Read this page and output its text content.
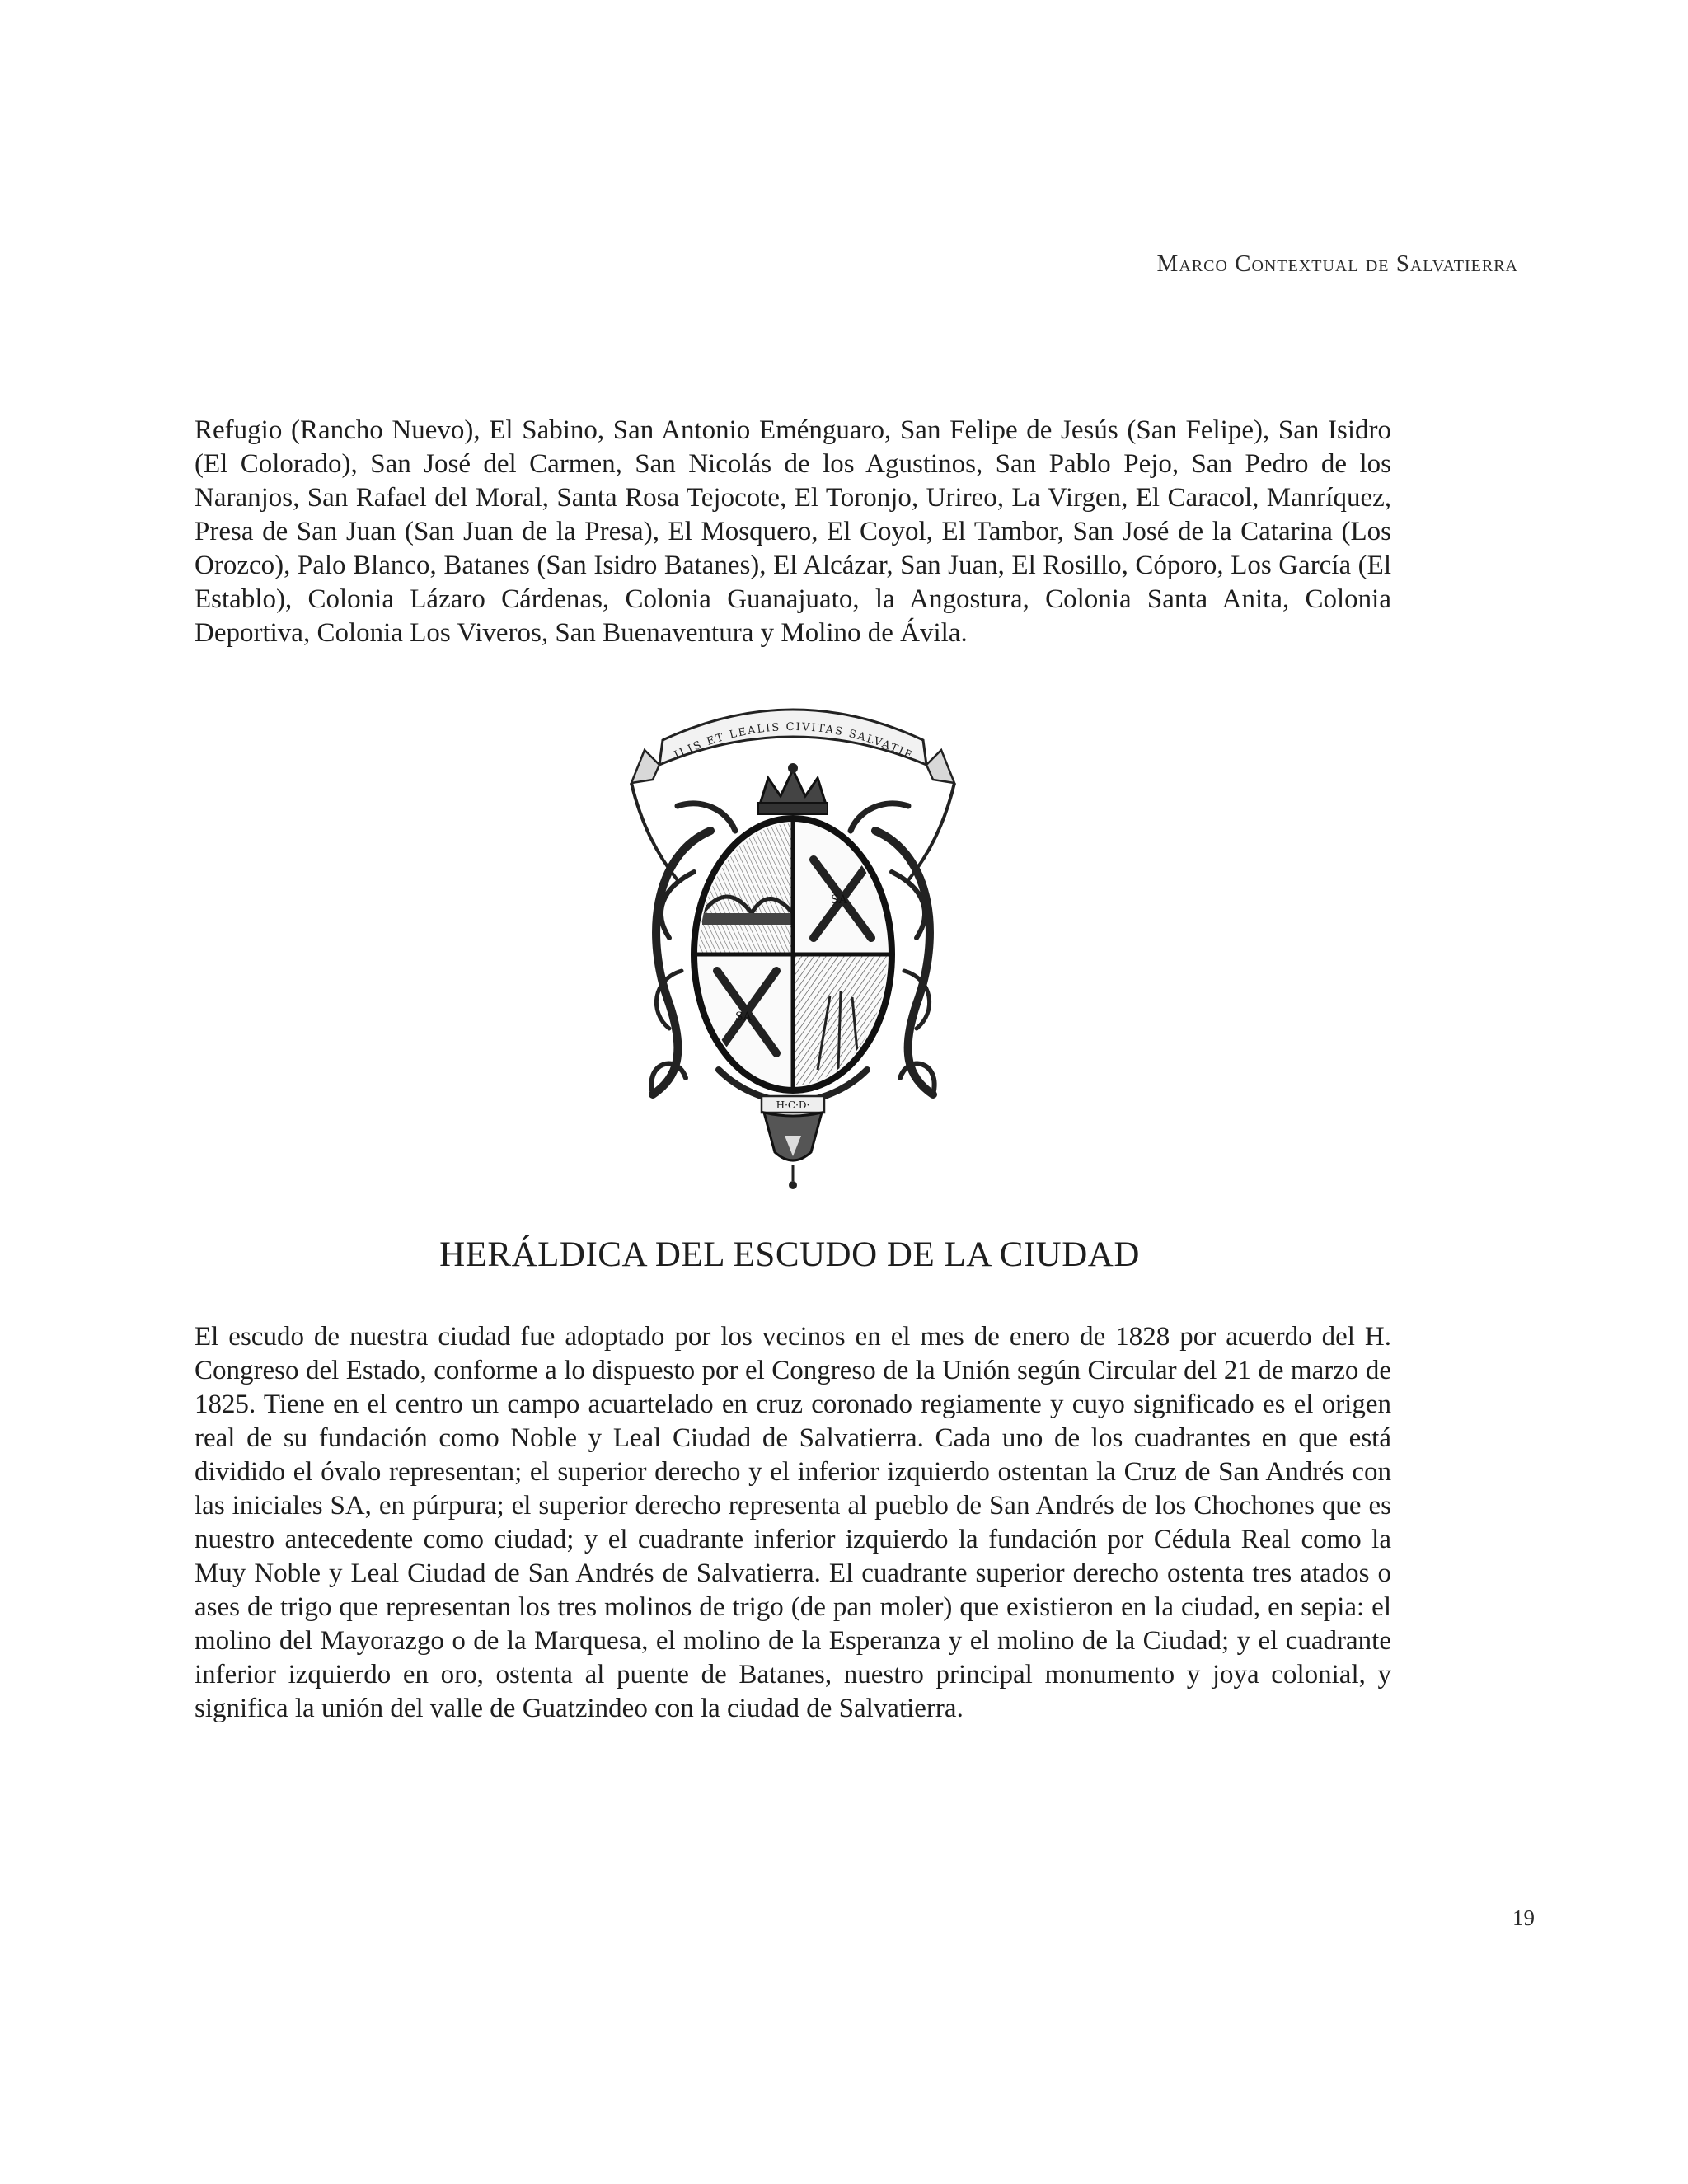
Marco Contextual de Salvatierra

Refugio (Rancho Nuevo), El Sabino, San Antonio Eménguaro, San Felipe de Jesús (San Felipe), San Isidro (El Colorado), San José del Carmen, San Nicolás de los Agustinos, San Pablo Pejo, San Pedro de los Naranjos, San Rafael del Moral, Santa Rosa Tejocote, El Toronjo, Urireo, La Virgen, El Caracol, Manríquez, Presa de San Juan (San Juan de la Presa), El Mosquero, El Coyol, El Tambor, San José de la Catarina (Los Orozco), Palo Blanco, Batanes (San Isidro Batanes), El Alcázar, San Juan, El Rosillo, Cóporo, Los García (El Establo), Colonia Lázaro Cárdenas, Colonia Guanajuato, la Angostura, Colonia Santa Anita, Colonia Deportiva, Colonia Los Viveros, San Buenaventura y Molino de Ávila.

ILIS ET LEALIS CIVITAS SALVATIE
SA
SA
H·C·D·
HERÁLDICA DEL ESCUDO DE LA CIUDAD

El escudo de nuestra ciudad fue adoptado por los vecinos en el mes de enero de 1828 por acuerdo del H. Congreso del Estado, conforme a lo dispuesto por el Congreso de la Unión según Circular del 21 de marzo de 1825. Tiene en el centro un campo acuartelado en cruz coronado regiamente y cuyo significado es el origen real de su fundación como Noble y Leal Ciudad de Salvatierra. Cada uno de los cuadrantes en que está dividido el óvalo representan; el superior derecho y el inferior izquierdo ostentan la Cruz de San Andrés con las iniciales SA, en púrpura; el superior derecho representa al pueblo de San Andrés de los Chochones que es nuestro antecedente como ciudad; y el cuadrante inferior izquierdo la fundación por Cédula Real como la Muy Noble y Leal Ciudad de San Andrés de Salvatierra. El cuadrante superior derecho ostenta tres atados o ases de trigo que representan los tres molinos de trigo (de pan moler) que existieron en la ciudad, en sepia: el molino del Mayorazgo o de la Marquesa, el molino de la Esperanza y el molino de la Ciudad; y el cuadrante inferior izquierdo en oro, ostenta al puente de Batanes, nuestro principal monumento y joya colonial, y significa la unión del valle de Guatzindeo con la ciudad de Salvatierra.

19
